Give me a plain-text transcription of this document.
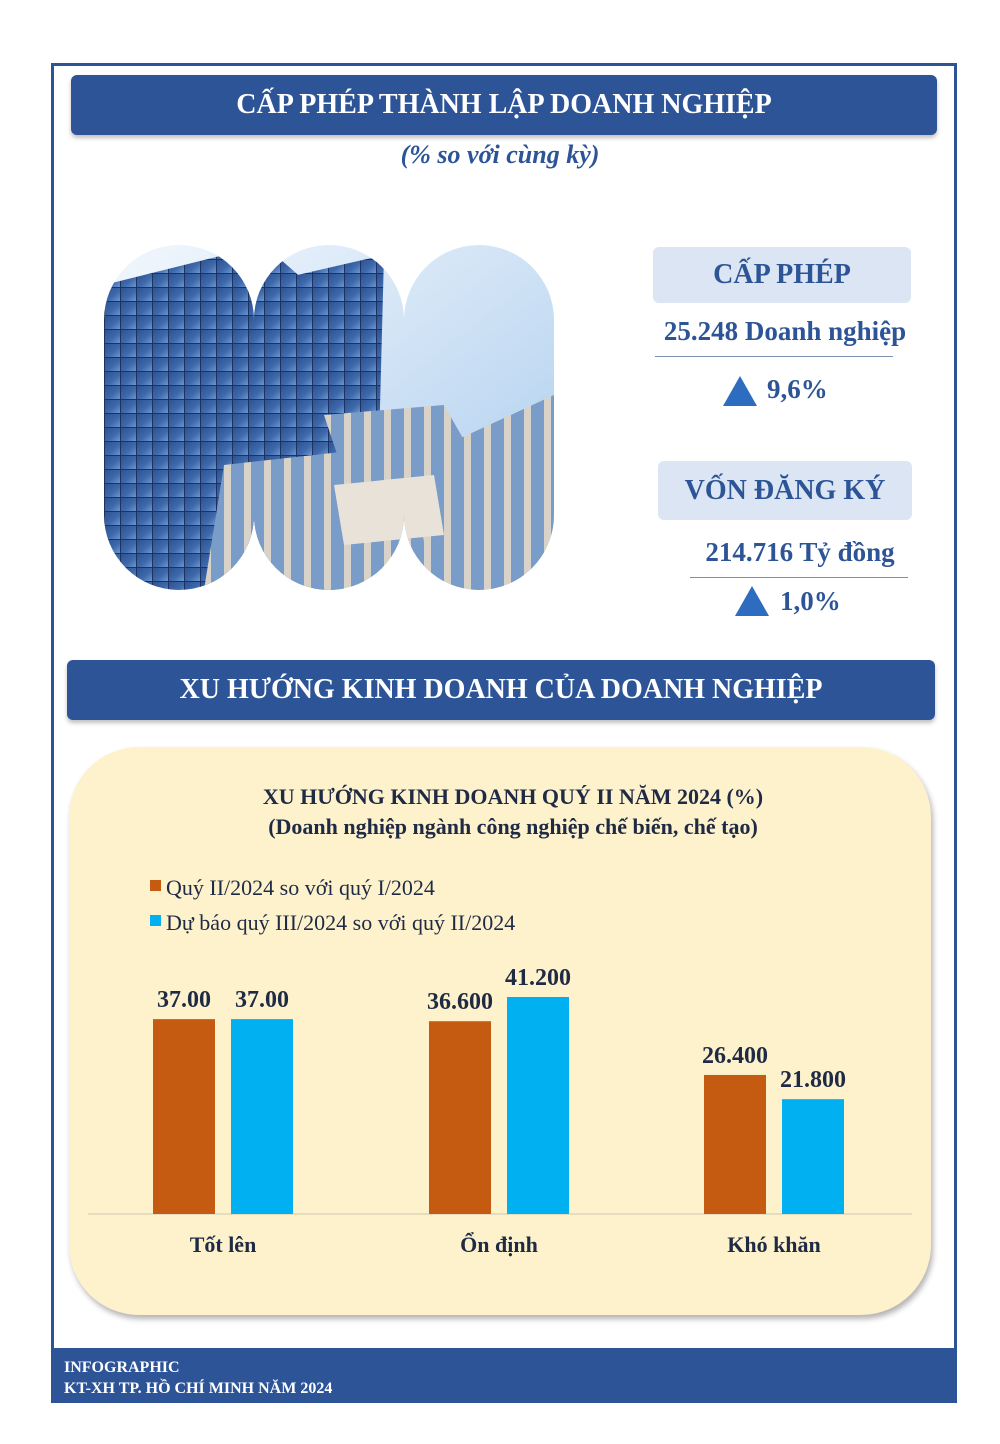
CẤP PHÉP THÀNH LẬP DOANH NGHIỆP
(% so với cùng kỳ)
CẤP PHÉP
25.248 Doanh nghiệp
9,6%
VỐN ĐĂNG KÝ
214.716 Tỷ đồng
1,0%
XU HƯỚNG KINH DOANH CỦA DOANH NGHIỆP
XU HƯỚNG KINH DOANH QUÝ II NĂM 2024 (%)
(Doanh nghiệp ngành công nghiệp chế biến, chế tạo)
Quý II/2024 so với quý I/2024
Dự báo quý III/2024 so với quý II/2024
37.00 37.00
Tốt lên
36.600
41.200
Ổn định
26.400
21.800
Khó khăn
INFOGRAPHIC
KT-XH TP. HỒ CHÍ MINH NĂM 2024
